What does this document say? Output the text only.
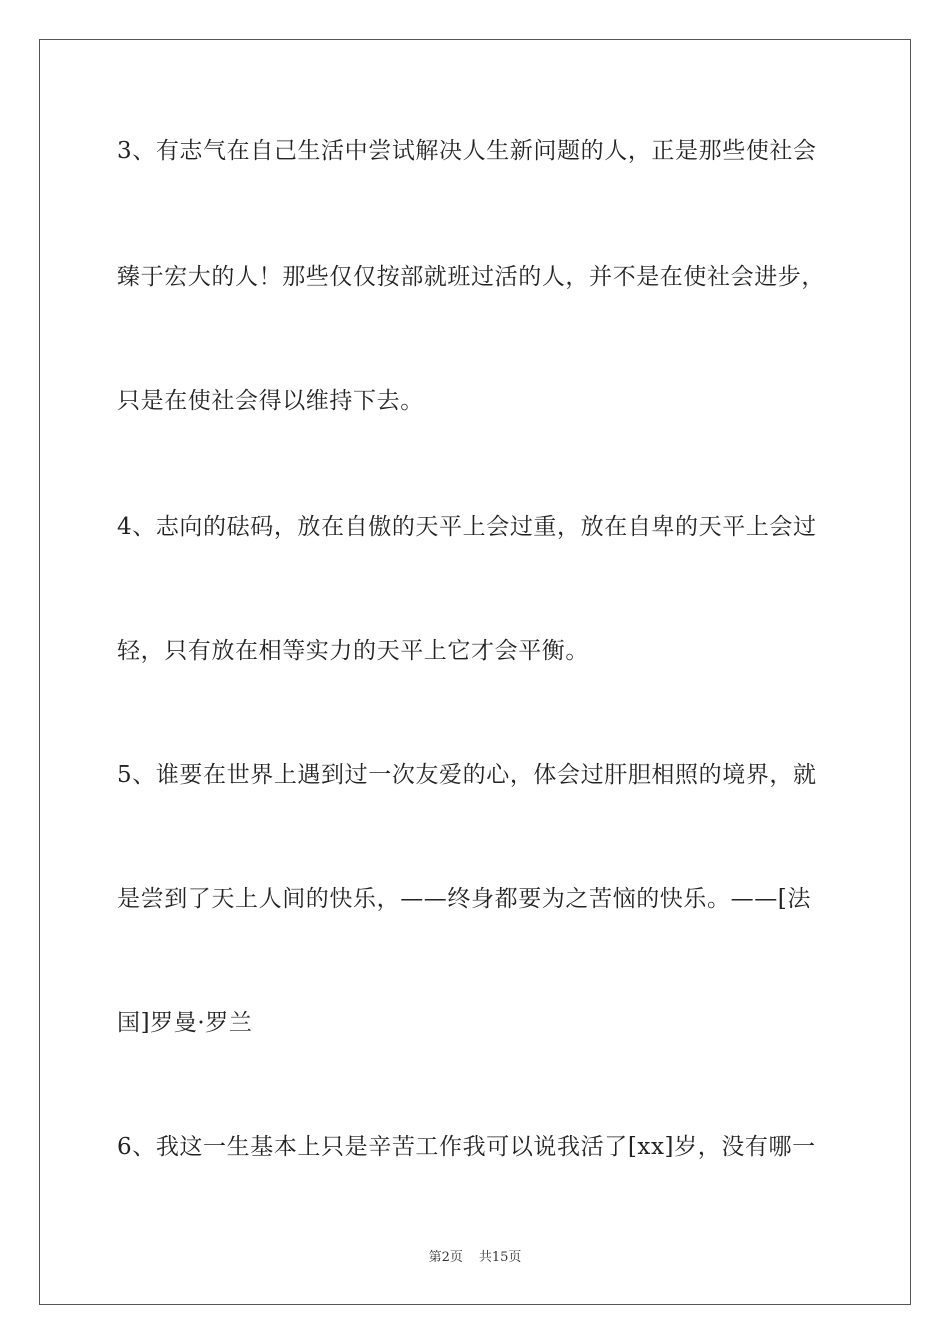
3、有志气在自己生活中尝试解决人生新问题的人，正是那些使社会
臻于宏大的人！那些仅仅按部就班过活的人，并不是在使社会进步，
只是在使社会得以维持下去。
4、志向的砝码，放在自傲的天平上会过重，放在自卑的天平上会过
轻，只有放在相等实力的天平上它才会平衡。
5、谁要在世界上遇到过一次友爱的心，体会过肝胆相照的境界，就
是尝到了天上人间的快乐，——终身都要为之苦恼的快乐。——[法
国]罗曼·罗兰
6、我这一生基本上只是辛苦工作我可以说我活了[xx]岁，没有哪一
第2页 共15页
